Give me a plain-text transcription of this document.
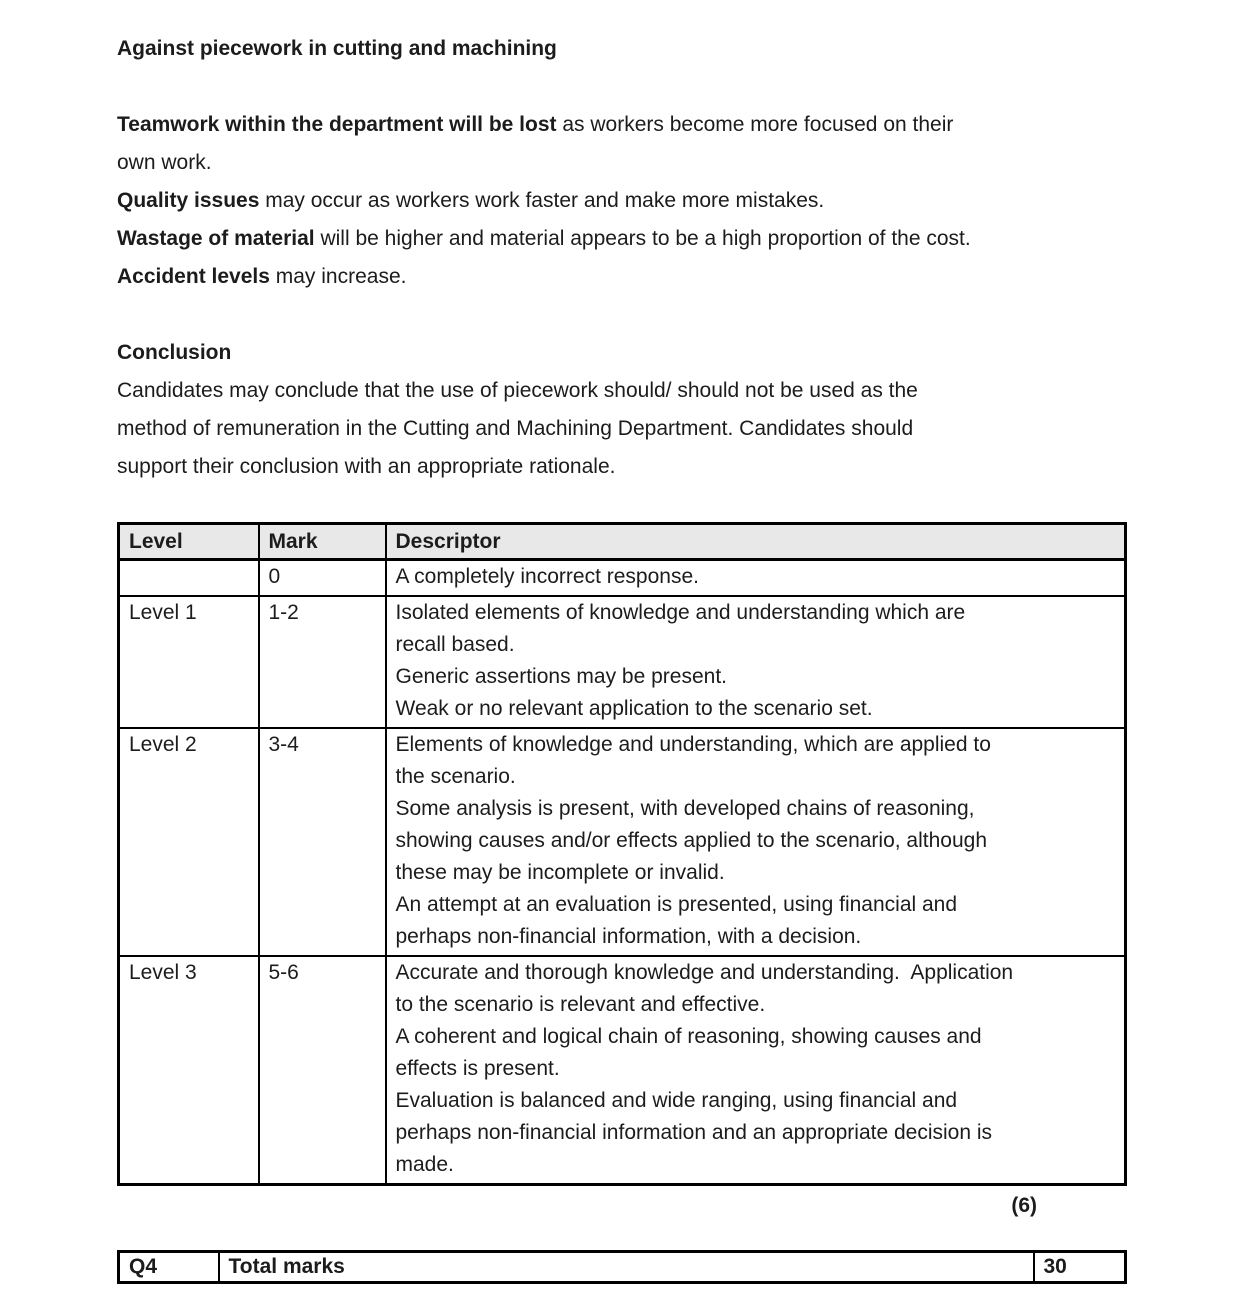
Against piecework in cutting and machining
Teamwork within the department will be lost as workers become more focused on their
own work.
Quality issues may occur as workers work faster and make more mistakes.
Wastage of material will be higher and material appears to be a high proportion of the cost.
Accident levels may increase.
Conclusion
Candidates may conclude that the use of piecework should/ should not be used as the
method of remuneration in the Cutting and Machining Department. Candidates should
support their conclusion with an appropriate rationale.
Level	Mark	Descriptor
	0	A completely incorrect response.

Level 1	1-2	Isolated elements of knowledge and understanding which are
recall based.
Generic assertions may be present.
Weak or no relevant application to the scenario set.

Level 2	3-4	Elements of knowledge and understanding, which are applied to
the scenario.
Some analysis is present, with developed chains of reasoning,
showing causes and/or effects applied to the scenario, although
these may be incomplete or invalid.
An attempt at an evaluation is presented, using financial and
perhaps non-financial information, with a decision.

Level 3	5-6	Accurate and thorough knowledge and understanding.  Application
to the scenario is relevant and effective.
A coherent and logical chain of reasoning, showing causes and
effects is present.
Evaluation is balanced and wide ranging, using financial and
perhaps non-financial information and an appropriate decision is
made.
(6)
Q4	Total marks	30
